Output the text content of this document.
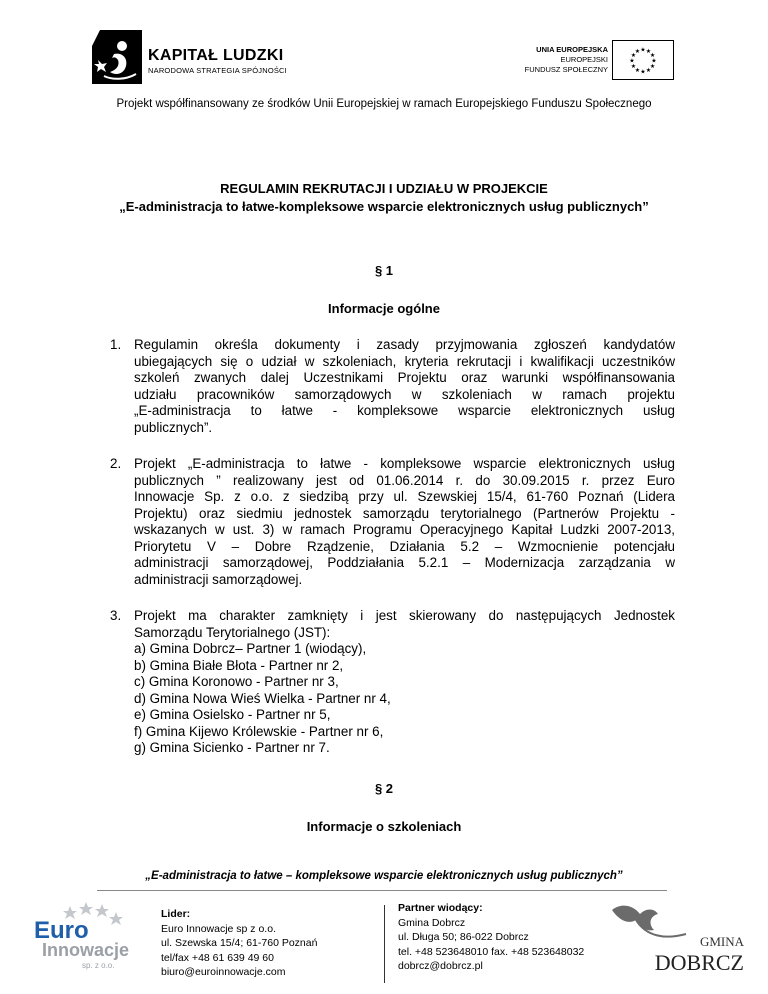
KAPITAŁ LUDZKI
NARODOWA STRATEGIA SPÓJNOŚCI
UNIA EUROPEJSKA
EUROPEJSKI
FUNDUSZ SPOŁECZNY
★
★
★
★
★
★
★
★
★ ★ ★
★
Projekt współfinansowany ze środków Unii Europejskiej w ramach Europejskiego Funduszu Społecznego
REGULAMIN REKRUTACJI I UDZIAŁU W PROJEKCIE
„E-administracja to łatwe-kompleksowe wsparcie elektronicznych usług publicznych”
§ 1
Informacje ogólne
1. Regulamin określa dokumenty i zasady przyjmowania zgłoszeń kandydatów
ubiegających się o udział w szkoleniach, kryteria rekrutacji i kwalifikacji uczestników
szkoleń zwanych dalej Uczestnikami Projektu oraz warunki współfinansowania
udziału pracowników samorządowych w szkoleniach w ramach projektu
„E-administracja to łatwe - kompleksowe wsparcie elektronicznych usług
publicznych”.
2. Projekt „E-administracja to łatwe - kompleksowe wsparcie elektronicznych usług
publicznych ” realizowany jest od 01.06.2014 r. do 30.09.2015 r. przez Euro
Innowacje Sp. z o.o. z siedzibą przy ul. Szewskiej 15/4, 61-760 Poznań (Lidera
Projektu) oraz siedmiu jednostek samorządu terytorialnego (Partnerów Projektu -
wskazanych w ust. 3) w ramach Programu Operacyjnego Kapitał Ludzki 2007-2013,
Priorytetu V – Dobre Rządzenie, Działania 5.2 – Wzmocnienie potencjału
administracji samorządowej, Poddziałania 5.2.1 – Modernizacja zarządzania w
administracji samorządowej.
3. Projekt ma charakter zamknięty i jest skierowany do następujących Jednostek
Samorządu Terytorialnego (JST):
a) Gmina Dobrcz– Partner 1 (wiodący),
b) Gmina Białe Błota - Partner nr 2,
c) Gmina Koronowo - Partner nr 3,
d) Gmina Nowa Wieś Wielka - Partner nr 4,
e) Gmina Osielsko - Partner nr 5,
f) Gmina Kijewo Królewskie - Partner nr 6,
g) Gmina Sicienko - Partner nr 7.
§ 2
Informacje o szkoleniach
„E-administracja to łatwe – kompleksowe wsparcie elektronicznych usług publicznych”
Euro
Innowacje
sp. z o.o.
Lider:
Euro Innowacje sp z o.o.
ul. Szewska 15/4; 61-760 Poznań
tel/fax +48 61 639 49 60
biuro@euroinnowacje.com
Partner wiodący:
Gmina Dobrcz
ul. Długa 50; 86-022 Dobrcz
tel. +48 523648010 fax. +48 523648032
dobrcz@dobrcz.pl
GMINA
DOBRCZ
